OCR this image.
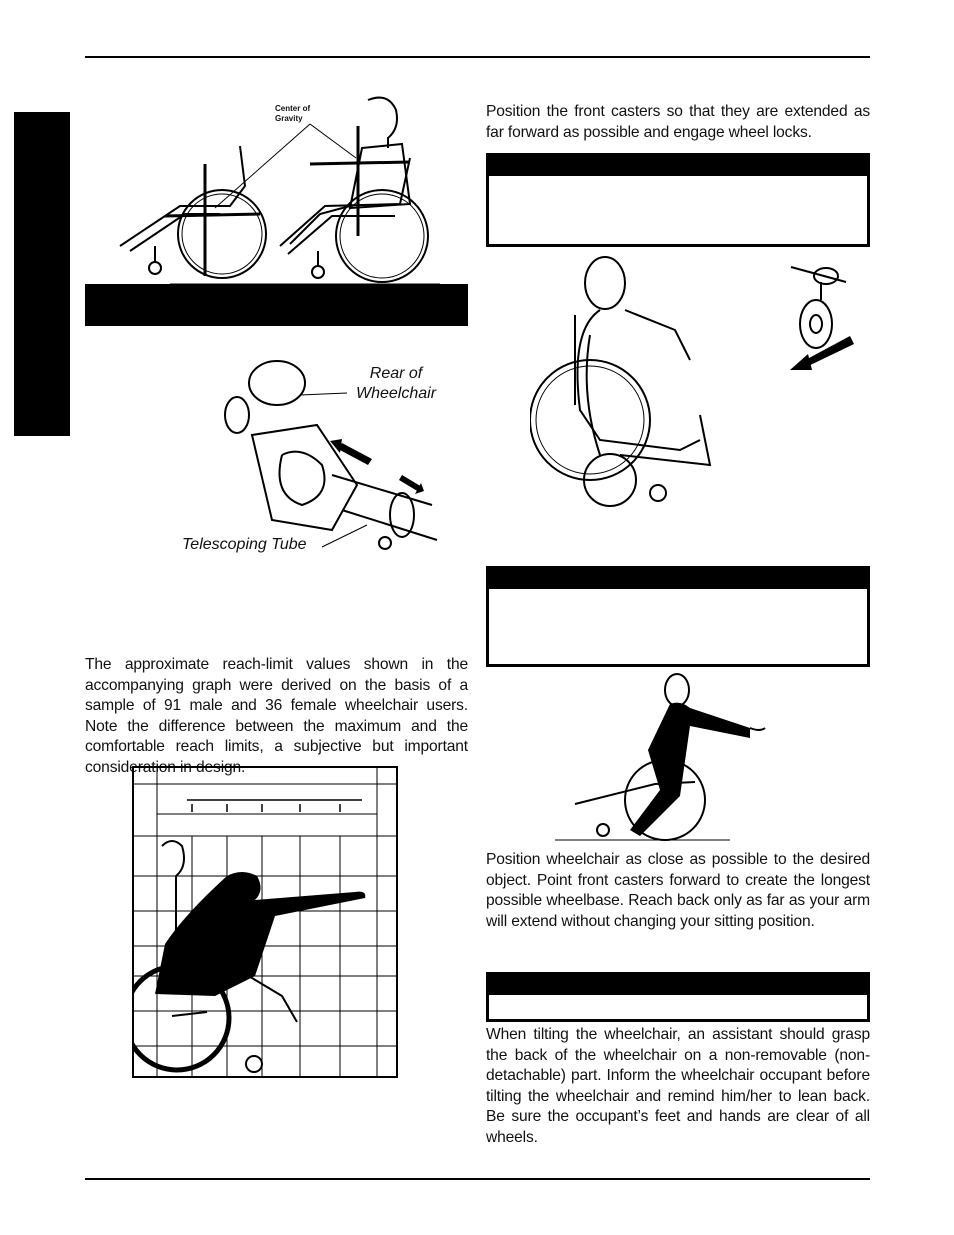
Center of
Gravity
Rear of
Wheelchair
Telescoping Tube
The approximate reach-limit values shown in the accompanying graph were derived on the basis of a sample of 91 male and 36 female wheelchair users. Note the difference between the maximum and the comfortable reach limits, a subjective but important consideration in design.
Position the front casters so that they are extended as far forward as possible and engage wheel locks.
Position wheelchair as close as possible to the desired object. Point front casters forward to create the longest possible wheelbase. Reach back only as far as your arm will extend without changing your sitting position.
When tilting the wheelchair, an assistant should grasp the back of the wheelchair on a non-removable (non-detachable) part. Inform the wheelchair occupant before tilting the wheelchair and remind him/her to lean back. Be sure the occupant’s feet and hands are clear of all wheels.
